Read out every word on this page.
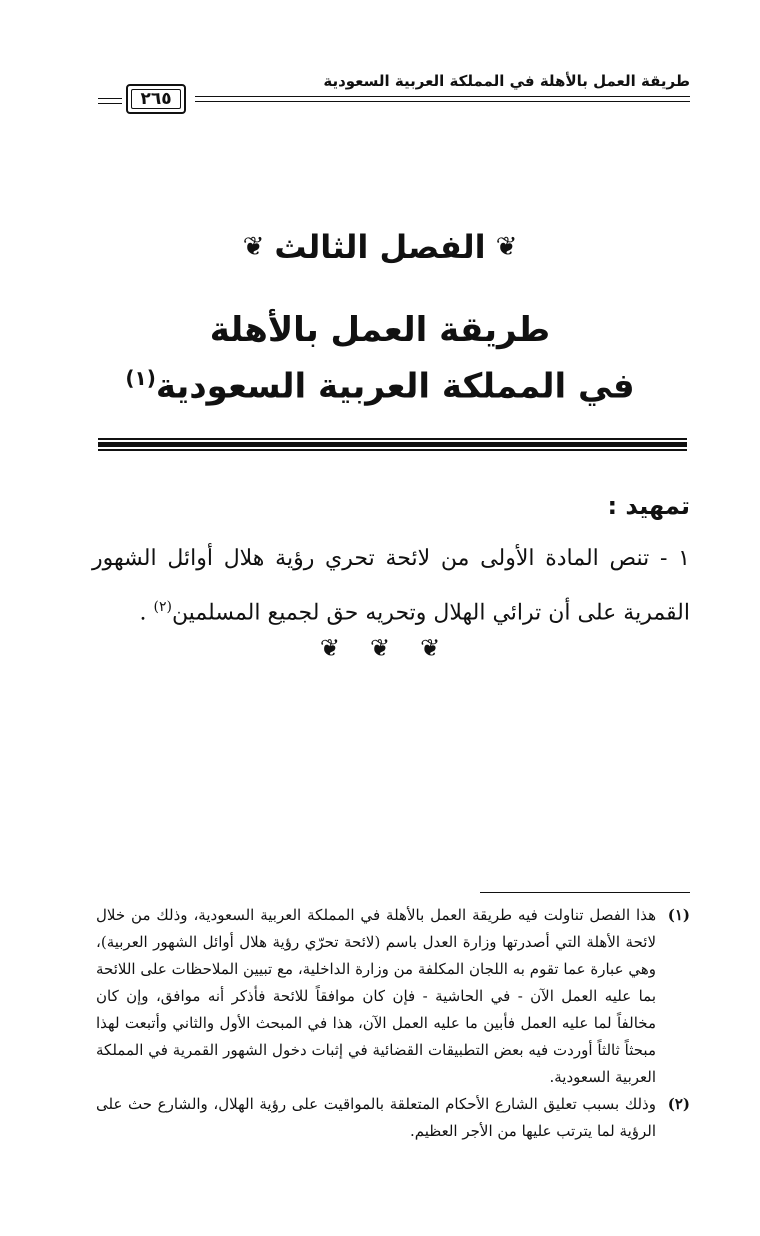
طريقة العمل بالأهلة في المملكة العربية السعودية
٢٦٥
❦
الفصل الثالث
❦
طريقة العمل بالأهلة
في المملكة العربية السعودية$^{(١)}$
تمهيد :
١ - تنص المادة الأولى من لائحة تحري رؤية هلال أوائل الشهور القمرية على أن ترائي الهلال وتحريه حق لجميع المسلمين$^{(٢)}$ .
❦
❦
❦
(١)
هذا الفصل تناولت فيه طريقة العمل بالأهلة في المملكة العربية السعودية، وذلك من خلال لائحة الأهلة التي أصدرتها وزارة العدل باسم (لائحة تحرّي رؤية هلال أوائل الشهور العربية)، وهي عبارة عما تقوم به اللجان المكلفة من وزارة الداخلية، مع تبيين الملاحظات على اللائحة بما عليه العمل الآن - في الحاشية - فإن كان موافقاً للائحة فأذكر أنه موافق، وإن كان مخالفاً لما عليه العمل فأبين ما عليه العمل الآن، هذا في المبحث الأول والثاني وأتبعت لهذا مبحثاً ثالثاً أوردت فيه بعض التطبيقات القضائية في إثبات دخول الشهور القمرية في المملكة العربية السعودية.
(٢)
وذلك بسبب تعليق الشارع الأحكام المتعلقة بالمواقيت على رؤية الهلال، والشارع حث على الرؤية لما يترتب عليها من الأجر العظيم.
